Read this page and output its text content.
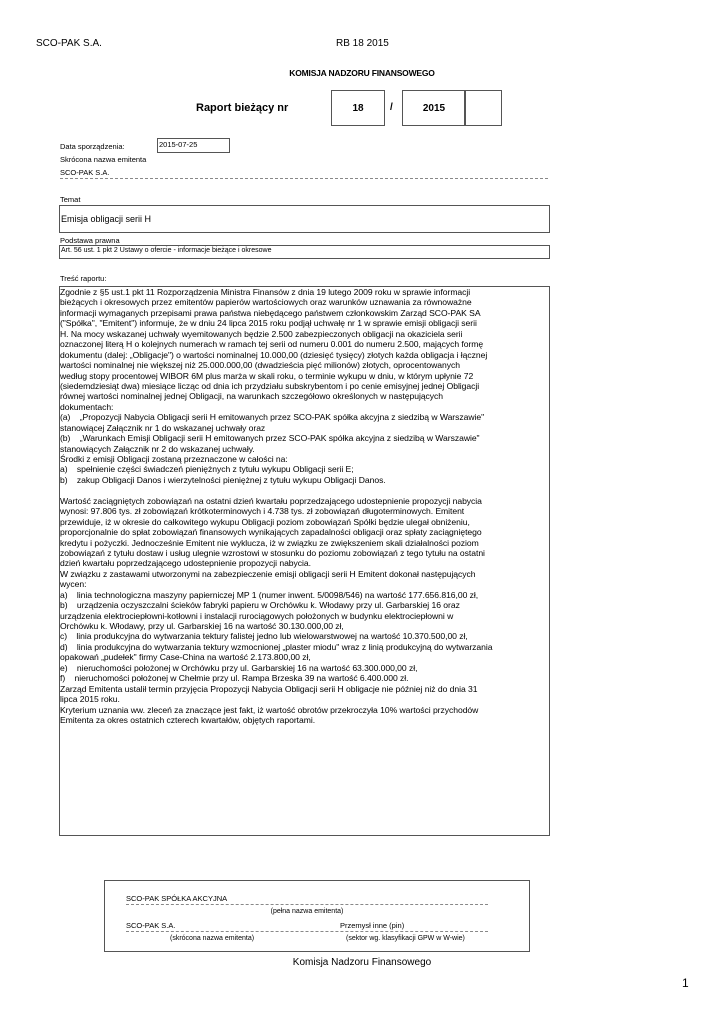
SCO-PAK S.A.	RB 18 2015
KOMISJA NADZORU FINANSOWEGO
Raport bieżący nr	18	/	2015
Data sporządzenia:	2015-07-25
Skrócona nazwa emitenta
SCO-PAK S.A.
Temat
Emisja obligacji serii H
Podstawa prawna
Art. 56 ust. 1 pkt 2 Ustawy o ofercie - informacje bieżące i okresowe
Treść raportu:
Zgodnie z §5 ust.1 pkt 11 Rozporządzenia Ministra Finansów z dnia 19 lutego 2009 roku w sprawie informacji
bieżących i okresowych przez emitentów papierów wartościowych oraz warunków uznawania za równoważne
informacji wymaganych przepisami prawa państwa niebędącego państwem członkowskim Zarząd SCO-PAK SA
("Spółka", "Emitent") informuje, że w dniu 24 lipca 2015 roku podjął uchwałę nr 1 w sprawie emisji obligacji serii
H. Na mocy wskazanej uchwały wyemitowanych będzie 2.500 zabezpieczonych obligacji na okaziciela serii
oznaczonej literą H o kolejnych numerach w ramach tej serii od numeru 0.001 do numeru 2.500, mających formę
dokumentu (dalej: „Obligacje") o wartości nominalnej 10.000,00 (dziesięć tysięcy) złotych każda obligacja i łącznej
wartości nominalnej nie większej niż 25.000.000,00 (dwadzieścia pięć milionów) złotych, oprocentowanych
według stopy procentowej WIBOR 6M plus marża w skali roku, o terminie wykupu w dniu, w którym upłynie 72
(siedemdziesiąt dwa) miesiące licząc od dnia ich przydziału subskrybentom i po cenie emisyjnej jednej Obligacji
równej wartości nominalnej jednej Obligacji, na warunkach szczegółowo określonych w następujących
dokumentach:
(a)    „Propozycji Nabycia Obligacji serii H emitowanych przez SCO-PAK spółka akcyjna z siedzibą w Warszawie"
stanowiącej Załącznik nr 1 do wskazanej uchwały oraz
(b)    „Warunkach Emisji Obligacji serii H emitowanych przez SCO-PAK spółka akcyjna z siedzibą w Warszawie"
stanowiących Załącznik nr 2 do wskazanej uchwały.
Środki z emisji Obligacji zostaną przeznaczone w całości na:
a)    spełnienie części świadczeń pieniężnych z tytułu wykupu Obligacji serii E;
b)    zakup Obligacji Danos i wierzytelności pieniężnej z tytułu wykupu Obligacji Danos.
Wartość zaciągniętych zobowiązań na ostatni dzień kwartału poprzedzającego udostepnienie propozycji nabycia
wynosi: 97.806 tys. zł zobowiązań krótkoterminowych i 4.738 tys. zł zobowiązań długoterminowych. Emitent
przewiduje, iż w okresie do całkowitego wykupu Obligacji poziom zobowiązań Spółki będzie ulegał obniżeniu,
proporcjonalnie do spłat zobowiązań finansowych wynikających zapadalności obligacji oraz spłaty zaciągniętego
kredytu i pożyczki. Jednocześnie Emitent nie wyklucza, iż w związku ze zwiększeniem skali działalności poziom
zobowiązań z tytułu dostaw i usług ulegnie wzrostowi w stosunku do poziomu zobowiązań z tego tytułu na ostatni
dzień kwartału poprzedzającego udostepnienie propozycji nabycia.
W związku z zastawami utworzonymi na zabezpieczenie emisji obligacji serii H Emitent dokonał następujących
wycen:
a)    linia technologiczna maszyny papierniczej MP 1 (numer inwent. 5/0098/546) na wartość 177.656.816,00 zł,
b)    urządzenia oczyszczalni ścieków fabryki papieru w Orchówku k. Włodawy przy ul. Garbarskiej 16 oraz
urządzenia elektrociepłowni-kotłowni i instalacji rurociągowych położonych w budynku elektrociepłowni w
Orchówku k. Włodawy, przy ul. Garbarskiej 16 na wartość 30.130.000,00 zł,
c)    linia produkcyjna do wytwarzania tektury falistej jedno lub wielowarstwowej na wartość 10.370.500,00 zł,
d)    linia produkcyjna do wytwarzania tektury wzmocnionej „plaster miodu" wraz z linią produkcyjną do wytwarzania
opakowań „pudełek" firmy Case-China na wartość 2.173.800,00 zł,
e)    nieruchomości położonej w Orchówku przy ul. Garbarskiej 16 na wartość 63.300.000,00 zł,
f)    nieruchomości położonej w Chełmie przy ul. Rampa Brzeska 39 na wartość 6.400.000 zł.
Zarząd Emitenta ustalił termin przyjęcia Propozycji Nabycia Obligacji serii H obligacje nie później niż do dnia 31
lipca 2015 roku.
Kryterium uznania ww. zleceń za znaczące jest fakt, iż wartość obrotów przekroczyła 10% wartości przychodów
Emitenta za okres ostatnich czterech kwartałów, objętych raportami.
SCO-PAK SPÓŁKA AKCYJNA
(pełna nazwa emitenta)
SCO-PAK S.A.	Przemysł inne (pin)
(skrócona nazwa emitenta)	(sektor wg. klasyfikacji GPW w W-wie)
Komisja Nadzoru Finansowego
1
